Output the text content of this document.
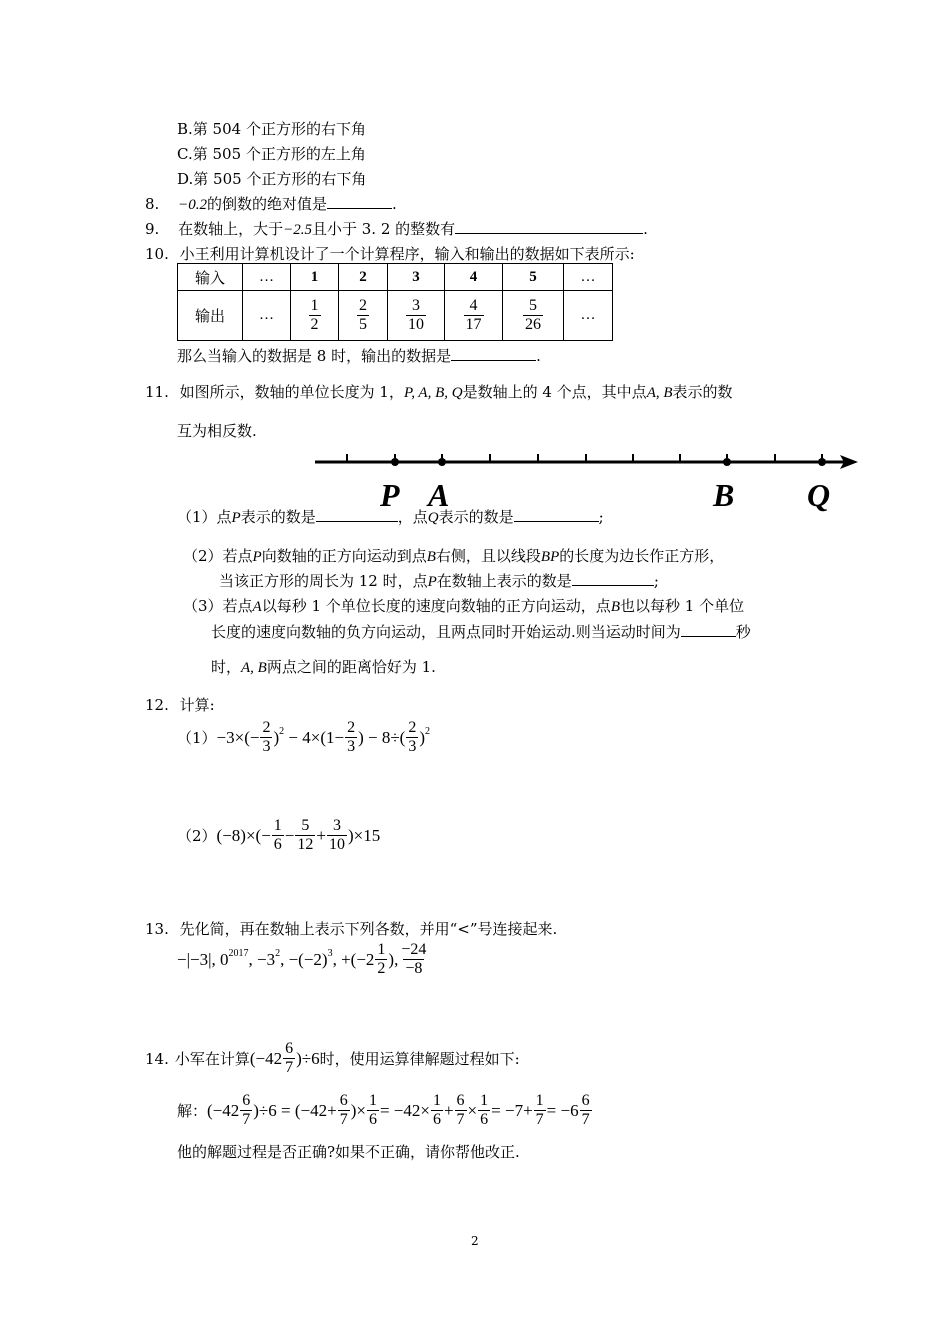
B.第 504 个正方形的右下角
C.第 505 个正方形的左上角
D.第 505 个正方形的右下角
8. −0.2的倒数的绝对值是	.
9. 在数轴上，大于−2.5且小于 3. 2 的整数有	.
10. 小王利用计算机设计了一个计算程序，输入和输出的数据如下表所示:
输入	…	1	2	3	4	5	…
输出	…	$\frac{1}{2}$	$\frac{2}{5}$	$\frac{3}{10}$	$\frac{4}{17}$	$\frac{5}{26}$	…
那么当输入的数据是 8 时，输出的数据是	.
11. 如图所示，数轴的单位长度为 1，P, A, B, Q是数轴上的 4 个点，其中点A, B表示的数
互为相反数.
P A	B Q
（1）点P表示的数是	，点Q表示的数是	;
（2）若点P向数轴的正方向运动到点B右侧，且以线段BP的长度为边长作正方形，
当该正方形的周长为 12 时，点P在数轴上表示的数是	;
（3）若点A以每秒 1 个单位长度的速度向数轴的正方向运动，点B也以每秒 1 个单位
长度的速度向数轴的负方向运动，且两点同时开始运动.则当运动时间为	秒
时，A, B两点之间的距离恰好为 1.
12. 计算:
$(1) -3\times(- \frac{2}{3} )^2 - 4\times(1- \frac{2}{3}$ ) − $8\div( \frac{2}{3} )^2$
（2） $(-8)\times(- \frac{1}{6} - \frac{5}{12} + \frac{3}{10} )\times 15$
13. 先化简，再在数轴上表示下列各数，并用“<”号连接起来.
−|−3|, $0^{2017}$, $-3^2$, $-(-2)^3$, $+(-2 \frac{1}{2}$ ), $\frac{-24}{-8}$
14. 小军在计算 $(-42 \frac{6}{7} )\div 6$ 时，使用运算律解题过程如下:
解： $(-42 \frac{6}{7} )\div 6 = (-42+ \frac{6}{7}$ )× $\frac{1}{6} = -42\times \frac{1}{6} + \frac{6}{7} \times \frac{1}{6} = -7+ \frac{1}{7} = -6 \frac{6}{7}$
他的解题过程是否正确?如果不正确，请你帮他改正.
2
